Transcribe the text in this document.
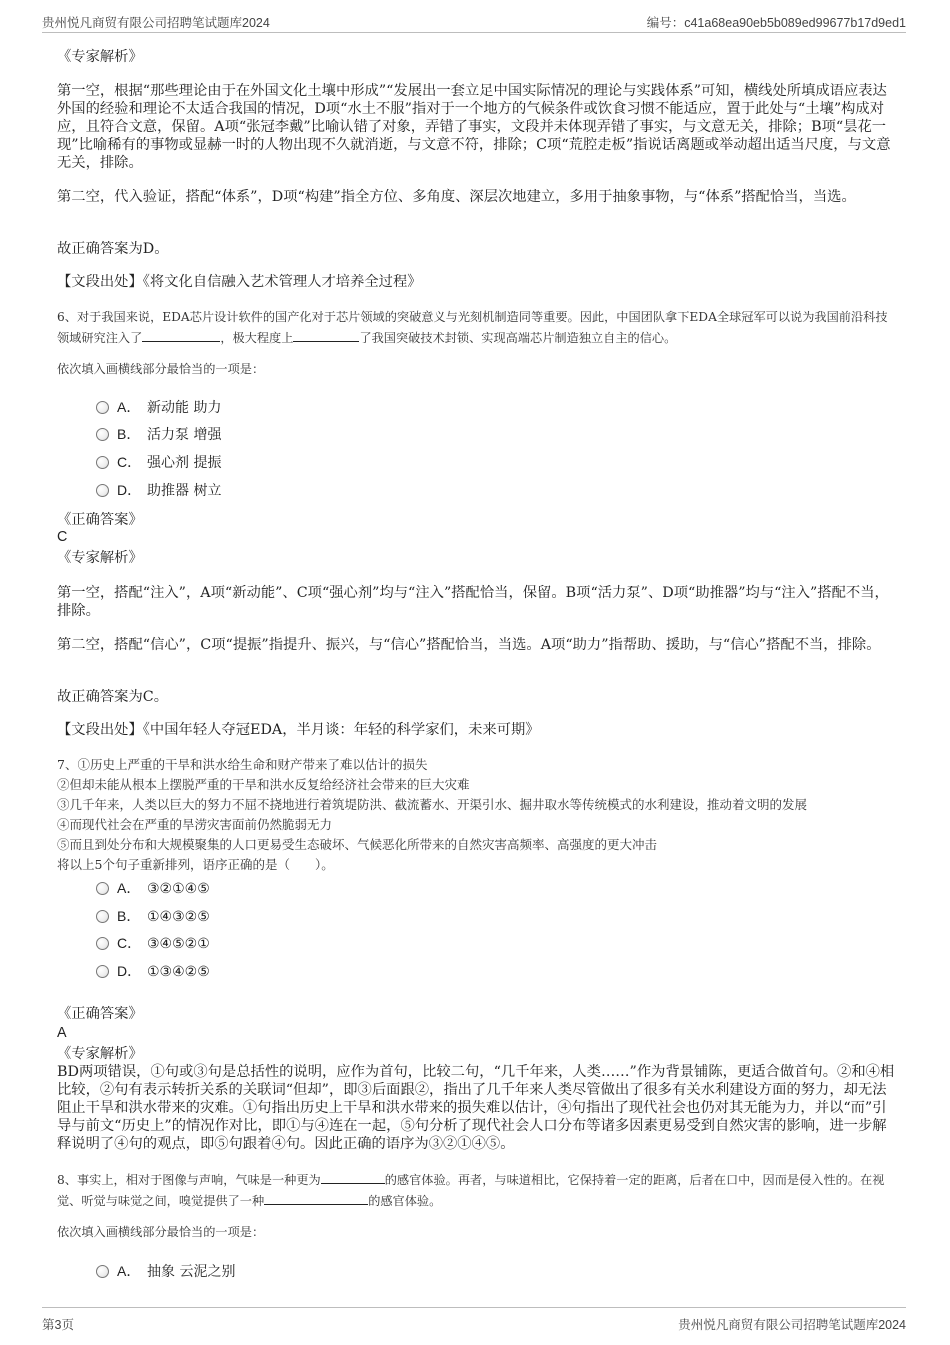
贵州悦凡商贸有限公司招聘笔试题库2024	编号：c41a68ea90eb5b089ed99677b17d9ed1
《专家解析》
第一空，根据“那些理论由于在外国文化土壤中形成”“发展出一套立足中国实际情况的理论与实践体系”可知，横线处所填成语应表达外国的经验和理论不太适合我国的情况，D项“水土不服”指对于一个地方的气候条件或饮食习惯不能适应，置于此处与“土壤”构成对应，且符合文意，保留。A项“张冠李戴”比喻认错了对象，弄错了事实，文段并未体现弄错了事实，与文意无关，排除；B项“昙花一现”比喻稀有的事物或显赫一时的人物出现不久就消逝，与文意不符，排除；C项“荒腔走板”指说话离题或举动超出适当尺度，与文意无关，排除。
第二空，代入验证，搭配“体系”，D项“构建”指全方位、多角度、深层次地建立，多用于抽象事物，与“体系”搭配恰当，当选。
故正确答案为D。
【文段出处】《将文化自信融入艺术管理人才培养全过程》
6、对于我国来说，EDA芯片设计软件的国产化对于芯片领域的突破意义与光刻机制造同等重要。因此，中国团队拿下EDA全球冠军可以说为我国前沿科技领域研究注入了	，极大程度上	了我国突破技术封锁、实现高端芯片制造独立自主的信心。
依次填入画横线部分最恰当的一项是：
A． 新动能 助力
B． 活力泵 增强
C． 强心剂 提振
D． 助推器 树立
《正确答案》
C
《专家解析》
第一空，搭配“注入”，A项“新动能”、C项“强心剂”均与“注入”搭配恰当，保留。B项“活力泵”、D项“助推器”均与“注入”搭配不当，排除。
第二空，搭配“信心”，C项“提振”指提升、振兴，与“信心”搭配恰当，当选。A项“助力”指帮助、援助，与“信心”搭配不当，排除。
故正确答案为C。
【文段出处】《中国年轻人夺冠EDA，半月谈：年轻的科学家们，未来可期》
7、①历史上严重的干旱和洪水给生命和财产带来了难以估计的损失
②但却未能从根本上摆脱严重的干旱和洪水反复给经济社会带来的巨大灾难
③几千年来，人类以巨大的努力不屈不挠地进行着筑堤防洪、截流蓄水、开渠引水、掘井取水等传统模式的水利建设，推动着文明的发展
④而现代社会在严重的旱涝灾害面前仍然脆弱无力
⑤而且到处分布和大规模聚集的人口更易受生态破坏、气候恶化所带来的自然灾害高频率、高强度的更大冲击
将以上5个句子重新排列，语序正确的是（　　）。
A． ③②①④⑤
B． ①④③②⑤
C． ③④⑤②①
D． ①③④②⑤
《正确答案》
A
《专家解析》
BD两项错误，①句或③句是总括性的说明，应作为首句，比较二句，“几千年来，人类……”作为背景铺陈，更适合做首句。②和④相比较，②句有表示转折关系的关联词“但却”，即③后面跟②，指出了几千年来人类尽管做出了很多有关水利建设方面的努力，却无法阻止干旱和洪水带来的灾难。①句指出历史上干旱和洪水带来的损失难以估计，④句指出了现代社会也仍对其无能为力，并以“而”引导与前文“历史上”的情况作对比，即①与④连在一起，⑤句分析了现代社会人口分布等诸多因素更易受到自然灾害的影响，进一步解释说明了④句的观点，即⑤句跟着④句。因此正确的语序为③②①④⑤。
8、事实上，相对于图像与声响，气味是一种更为	的感官体验。再者，与味道相比，它保持着一定的距离，后者在口中，因而是侵入性的。在视觉、听觉与味觉之间，嗅觉提供了一种	的感官体验。
依次填入画横线部分最恰当的一项是：
A． 抽象 云泥之别
第3页	贵州悦凡商贸有限公司招聘笔试题库2024
